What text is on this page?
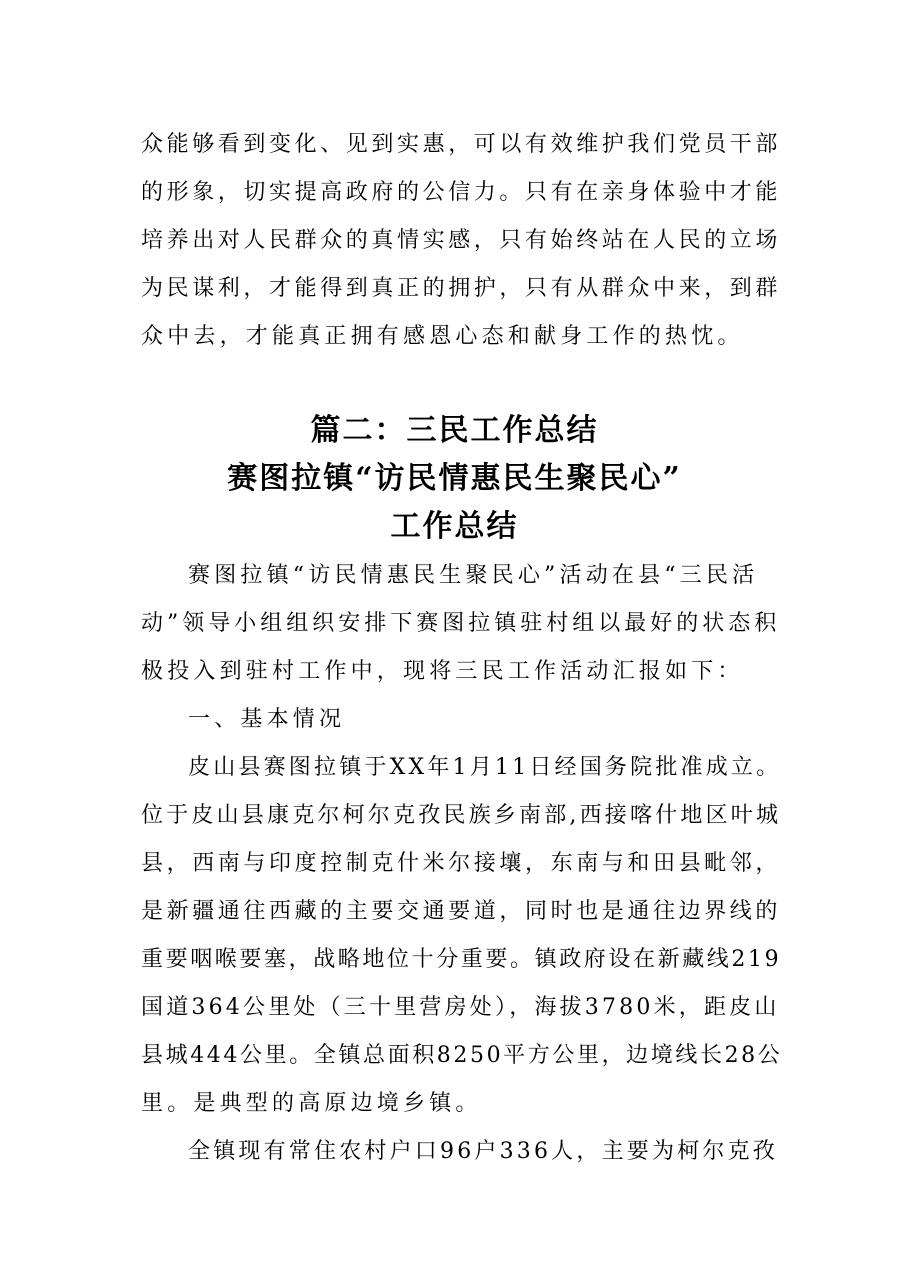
众能够看到变化、见到实惠，可以有效维护我们党员干部
的形象，切实提高政府的公信力。只有在亲身体验中才能
培养出对人民群众的真情实感，只有始终站在人民的立场
为民谋利，才能得到真正的拥护，只有从群众中来，到群
众中去，才能真正拥有感恩心态和献身工作的热忱。
篇二：三民工作总结
赛图拉镇“访民情惠民生聚民心”
工作总结
赛图拉镇“访民情惠民生聚民心”活动在县“三民活
动”领导小组组织安排下赛图拉镇驻村组以最好的状态积
极投入到驻村工作中，现将三民工作活动汇报如下：
一、基本情况
皮山县赛图拉镇于XX年1月11日经国务院批准成立。
位于皮山县康克尔柯尔克孜民族乡南部,西接喀什地区叶城
县，西南与印度控制克什米尔接壤，东南与和田县毗邻，
是新疆通往西藏的主要交通要道，同时也是通往边界线的
重要咽喉要塞，战略地位十分重要。镇政府设在新藏线219
国道364公里处（三十里营房处），海拔3780米，距皮山
县城444公里。全镇总面积8250平方公里，边境线长28公
里。是典型的高原边境乡镇。
全镇现有常住农村户口96户336人，主要为柯尔克孜
